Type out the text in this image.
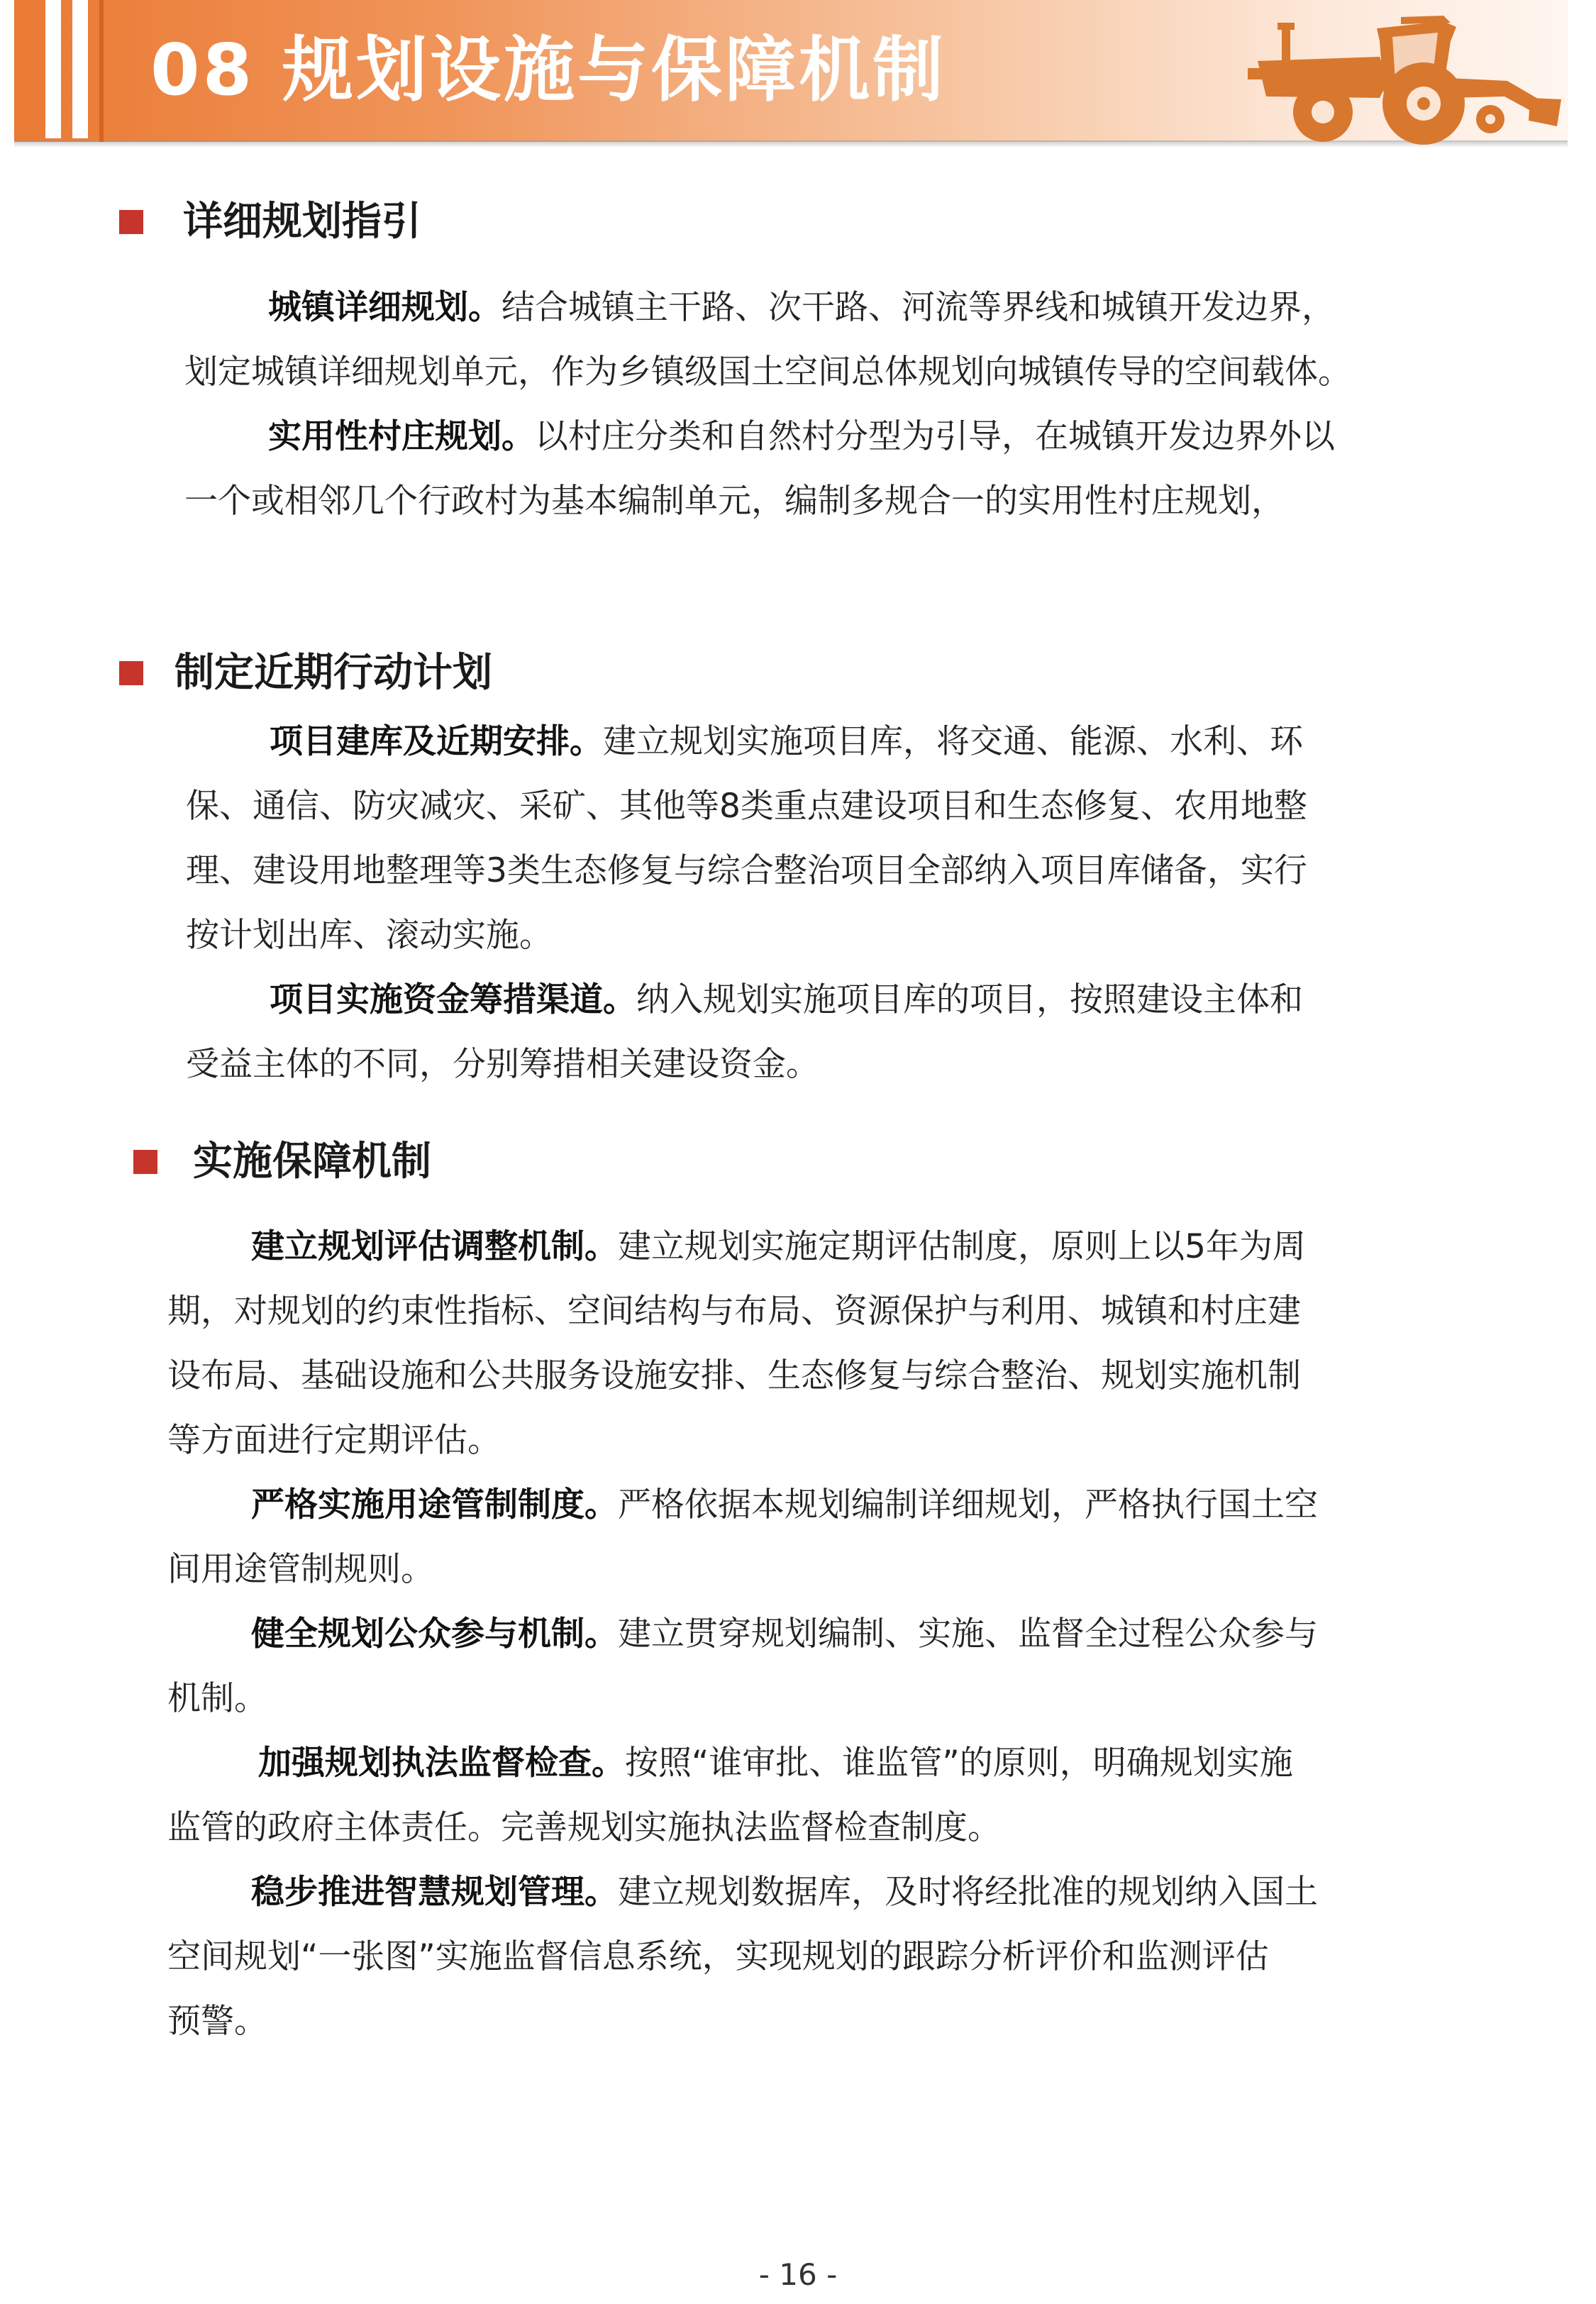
08 规划设施与保障机制
详细规划指引
城镇详细规划。结合城镇主干路、次干路、河流等界线和城镇开发边界，
划定城镇详细规划单元，作为乡镇级国土空间总体规划向城镇传导的空间载体。
实用性村庄规划。以村庄分类和自然村分型为引导，在城镇开发边界外以
一个或相邻几个行政村为基本编制单元，编制多规合一的实用性村庄规划，
制定近期行动计划
项目建库及近期安排。建立规划实施项目库，将交通、能源、水利、环
保、通信、防灾减灾、采矿、其他等8类重点建设项目和生态修复、农用地整
理、建设用地整理等3类生态修复与综合整治项目全部纳入项目库储备，实行
按计划出库、滚动实施。
项目实施资金筹措渠道。纳入规划实施项目库的项目，按照建设主体和
受益主体的不同，分别筹措相关建设资金。
实施保障机制
建立规划评估调整机制。建立规划实施定期评估制度，原则上以5年为周
期，对规划的约束性指标、空间结构与布局、资源保护与利用、城镇和村庄建
设布局、基础设施和公共服务设施安排、生态修复与综合整治、规划实施机制
等方面进行定期评估。
严格实施用途管制制度。严格依据本规划编制详细规划，严格执行国土空
间用途管制规则。
健全规划公众参与机制。建立贯穿规划编制、实施、监督全过程公众参与
机制。
加强规划执法监督检查。按照“谁审批、谁监管”的原则，明确规划实施
监管的政府主体责任。完善规划实施执法监督检查制度。
稳步推进智慧规划管理。建立规划数据库，及时将经批准的规划纳入国土
空间规划“一张图”实施监督信息系统，实现规划的跟踪分析评价和监测评估
预警。
- 16 -
